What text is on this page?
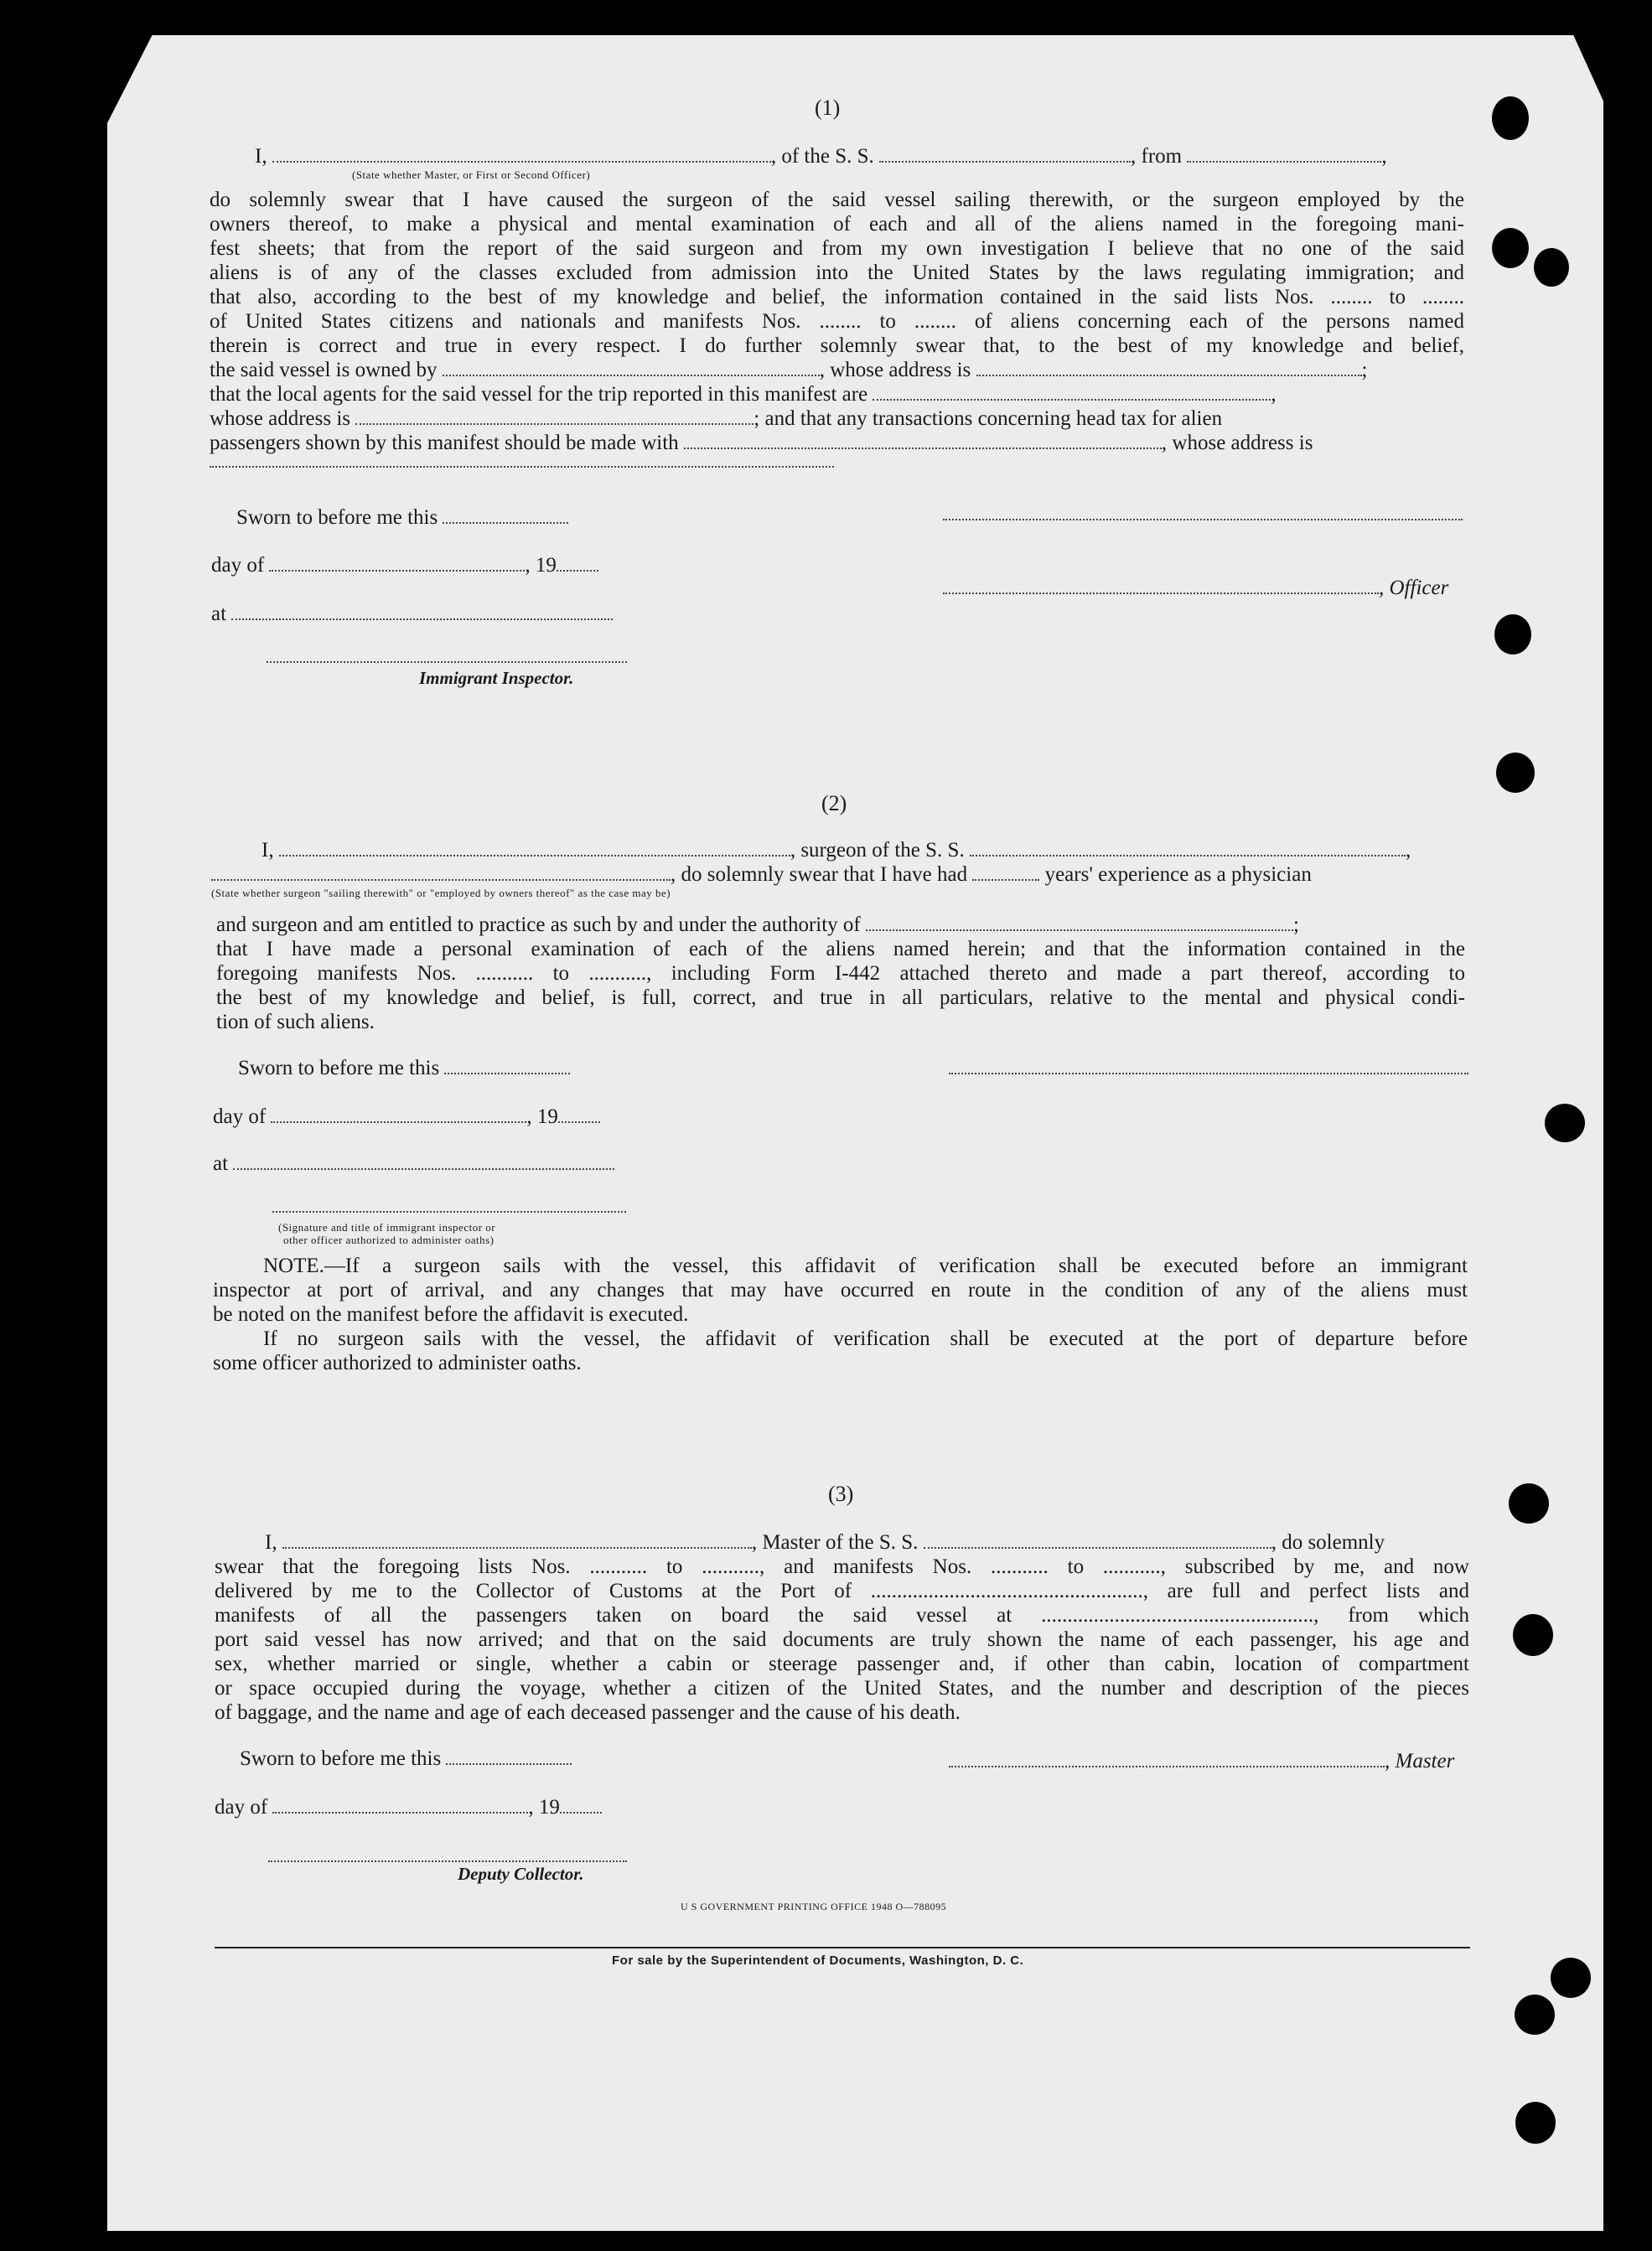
(1)
I,	, of the S. S.	, from	,
(State whether Master, or First or Second Officer)
do solemnly swear that I have caused the surgeon of the said vessel sailing therewith, or the surgeon employed by the
owners thereof, to make a physical and mental examination of each and all of the aliens named in the foregoing mani-
fest sheets; that from the report of the said surgeon and from my own investigation I believe that no one of the said
aliens is of any of the classes excluded from admission into the United States by the laws regulating immigration; and
that also, according to the best of my knowledge and belief, the information contained in the said lists Nos. ........ to ........
of United States citizens and nationals and manifests Nos. ........ to ........ of aliens concerning each of the persons named
therein is correct and true in every respect. I do further solemnly swear that, to the best of my knowledge and belief,
the said vessel is owned by	, whose address is	;
that the local agents for the said vessel for the trip reported in this manifest are	,
whose address is	; and that any transactions concerning head tax for alien
passengers shown by this manifest should be made with	, whose address is
Sworn to before me this
day of	, 19
, Officer
at
Immigrant Inspector.
(2)
I,	, surgeon of the S. S.	,
, do solemnly swear that I have had	years' experience as a physician
(State whether surgeon "sailing therewith" or "employed by owners thereof" as the case may be)
and surgeon and am entitled to practice as such by and under the authority of	;
that I have made a personal examination of each of the aliens named herein; and that the information contained in the
foregoing manifests Nos. ........... to ..........., including Form I-442 attached thereto and made a part thereof, according to
the best of my knowledge and belief, is full, correct, and true in all particulars, relative to the mental and physical condi-
tion of such aliens.
Sworn to before me this
day of	, 19
at
(Signature and title of immigrant inspector or
other officer authorized to administer oaths)
NOTE.—If a surgeon sails with the vessel, this affidavit of verification shall be executed before an immigrant
inspector at port of arrival, and any changes that may have occurred en route in the condition of any of the aliens must
be noted on the manifest before the affidavit is executed.
If no surgeon sails with the vessel, the affidavit of verification shall be executed at the port of departure before
some officer authorized to administer oaths.
(3)
I,	, Master of the S. S.	, do solemnly
swear that the foregoing lists Nos. ........... to ..........., and manifests Nos. ........... to ..........., subscribed by me, and now
delivered by me to the Collector of Customs at the Port of ...................................................., are full and perfect lists and
manifests of all the passengers taken on board the said vessel at ...................................................., from which
port said vessel has now arrived; and that on the said documents are truly shown the name of each passenger, his age and
sex, whether married or single, whether a cabin or steerage passenger and, if other than cabin, location of compartment
or space occupied during the voyage, whether a citizen of the United States, and the number and description of the pieces
of baggage, and the name and age of each deceased passenger and the cause of his death.
Sworn to before me this	, Master
day of	, 19
Deputy Collector.
U S GOVERNMENT PRINTING OFFICE 1948 O—788095
For sale by the Superintendent of Documents, Washington, D. C.
